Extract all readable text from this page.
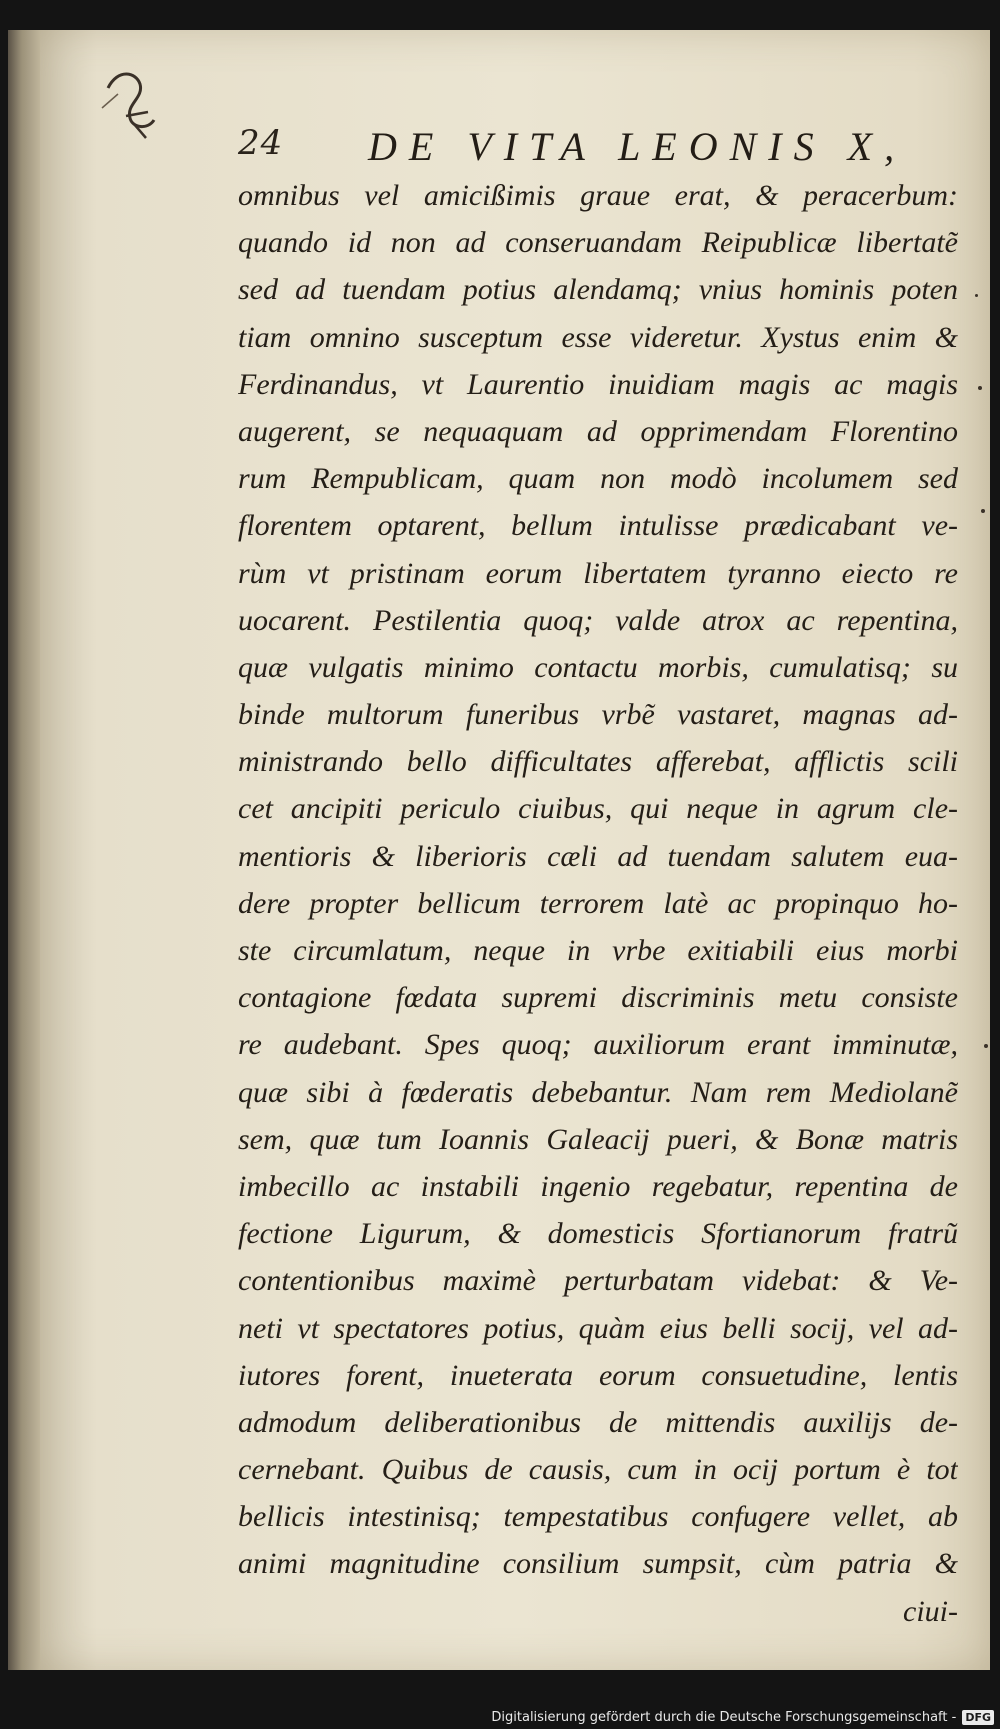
24 DE VITA LEONIS X,
omnibus vel amicißimis graue erat, & peracerbum:
quando id non ad conseruandam Reipublicæ libertatẽ
sed ad tuendam potius alendamq; vnius hominis poten
tiam omnino susceptum esse videretur. Xystus enim &
Ferdinandus, vt Laurentio inuidiam magis ac magis
augerent, se nequaquam ad opprimendam Florentino
rum Rempublicam, quam non modò incolumem sed
florentem optarent, bellum intulisse prædicabant ve-
rùm vt pristinam eorum libertatem tyranno eiecto re
uocarent. Pestilentia quoq; valde atrox ac repentina,
quæ vulgatis minimo contactu morbis, cumulatisq; su
binde multorum funeribus vrbẽ vastaret, magnas ad-
ministrando bello difficultates afferebat, afflictis scili
cet ancipiti periculo ciuibus, qui neque in agrum cle-
mentioris & liberioris cæli ad tuendam salutem eua-
dere propter bellicum terrorem latè ac propinquo ho-
ste circumlatum, neque in vrbe exitiabili eius morbi
contagione fœdata supremi discriminis metu consiste
re audebant. Spes quoq; auxiliorum erant imminutæ,
quæ sibi à fœderatis debebantur. Nam rem Mediolanẽ
sem, quæ tum Ioannis Galeacij pueri, & Bonæ matris
imbecillo ac instabili ingenio regebatur, repentina de
fectione Ligurum, & domesticis Sfortianorum fratrũ
contentionibus maximè perturbatam videbat: & Ve-
neti vt spectatores potius, quàm eius belli socij, vel ad-
iutores forent, inueterata eorum consuetudine, lentis
admodum deliberationibus de mittendis auxilijs de-
cernebant. Quibus de causis, cum in ocij portum è tot
bellicis intestinisq; tempestatibus confugere vellet, ab
animi magnitudine consilium sumpsit, cùm patria &
ciui-
Digitalisierung gefördert durch die Deutsche Forschungsgemeinschaft - DFG
